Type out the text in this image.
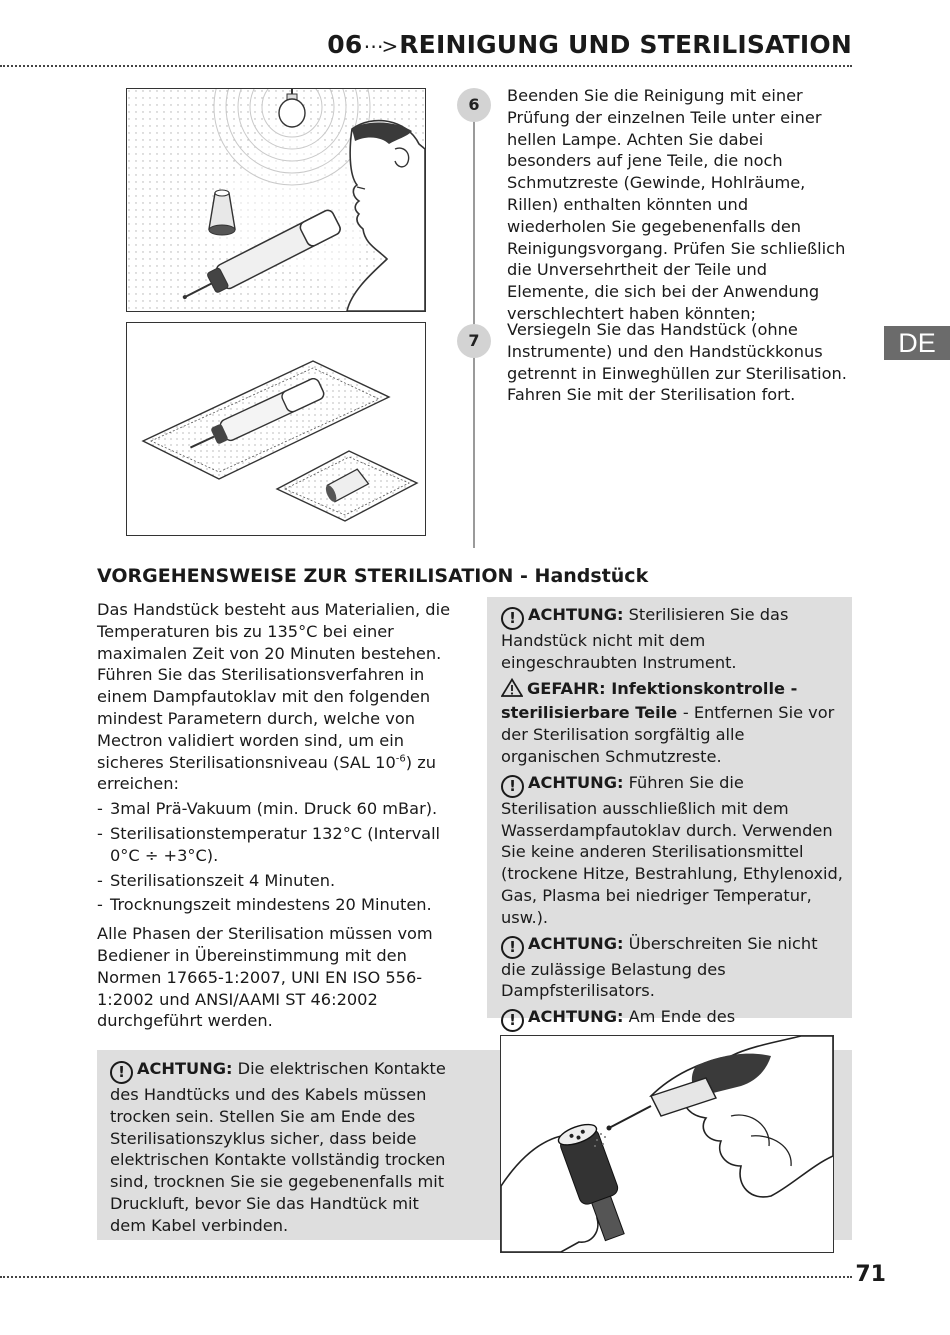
06⋯> REINIGUNG UND STERILISATION
DE
6	Beenden Sie die Reinigung mit einer Prüfung der einzelnen Teile unter einer hellen Lampe. Achten Sie dabei besonders auf jene Teile, die noch Schmutzreste (Gewinde, Hohlräume, Rillen) enthalten könnten und wiederholen Sie gegebenenfalls den Reinigungsvorgang. Prüfen Sie schließlich die Unversehrtheit der Teile und Elemente, die sich bei der Anwendung verschlechtert haben könnten;
7
Versiegeln Sie das Handstück (ohne Instrumente) und den Handstückkonus getrennt in Einweghüllen zur Sterilisation. Fahren Sie mit der Sterilisation fort.
VORGEHENSWEISE ZUR STERILISATION - Handstück
Das Handstück besteht aus Materialien, die Temperaturen bis zu 135°C bei einer maximalen Zeit von 20 Minuten bestehen. Führen Sie das Sterilisationsverfahren in einem Dampfautoklav mit den folgenden mindest Parametern durch, welche von Mectron validiert worden sind, um ein sicheres Sterilisationsniveau (SAL $10^{-6}$) zu erreichen:
- 3mal Prä-Vakuum (min. Druck 60 mBar).
- Sterilisationstemperatur 132°C (Intervall 0°C ÷ +3°C).
- Sterilisationszeit 4 Minuten.
- Trocknungszeit mindestens 20 Minuten.
Alle Phasen der Sterilisation müssen vom Bediener in Übereinstimmung mit den Normen 17665-1:2007, UNI EN ISO 556-1:2002 und ANSI/AAMI ST 46:2002 durchgeführt werden.
! ACHTUNG: Sterilisieren Sie das Handstück nicht mit dem eingeschraubten Instrument.
GEFAHR: Infektionskontrolle - sterilisierbare Teile - Entfernen Sie vor der Sterilisation sorgfältig alle organischen Schmutzreste.
! ACHTUNG: Führen Sie die Sterilisation ausschließlich mit dem Wasserdampfautoklav durch. Verwenden Sie keine anderen Sterilisationsmittel (trockene Hitze, Bestrahlung, Ethylenoxid, Gas, Plasma bei niedriger Temperatur, usw.).
! ACHTUNG: Überschreiten Sie nicht die zulässige Belastung des Dampfsterilisators.
! ACHTUNG: Am Ende des
! ACHTUNG: Die elektrischen Kontakte des Handtücks und des Kabels müssen trocken sein. Stellen Sie am Ende des Sterilisationszyklus sicher, dass beide elektrischen Kontakte vollständig trocken sind, trocknen Sie sie gegebenenfalls mit Druckluft, bevor Sie das Handtück mit dem Kabel verbinden.
71
